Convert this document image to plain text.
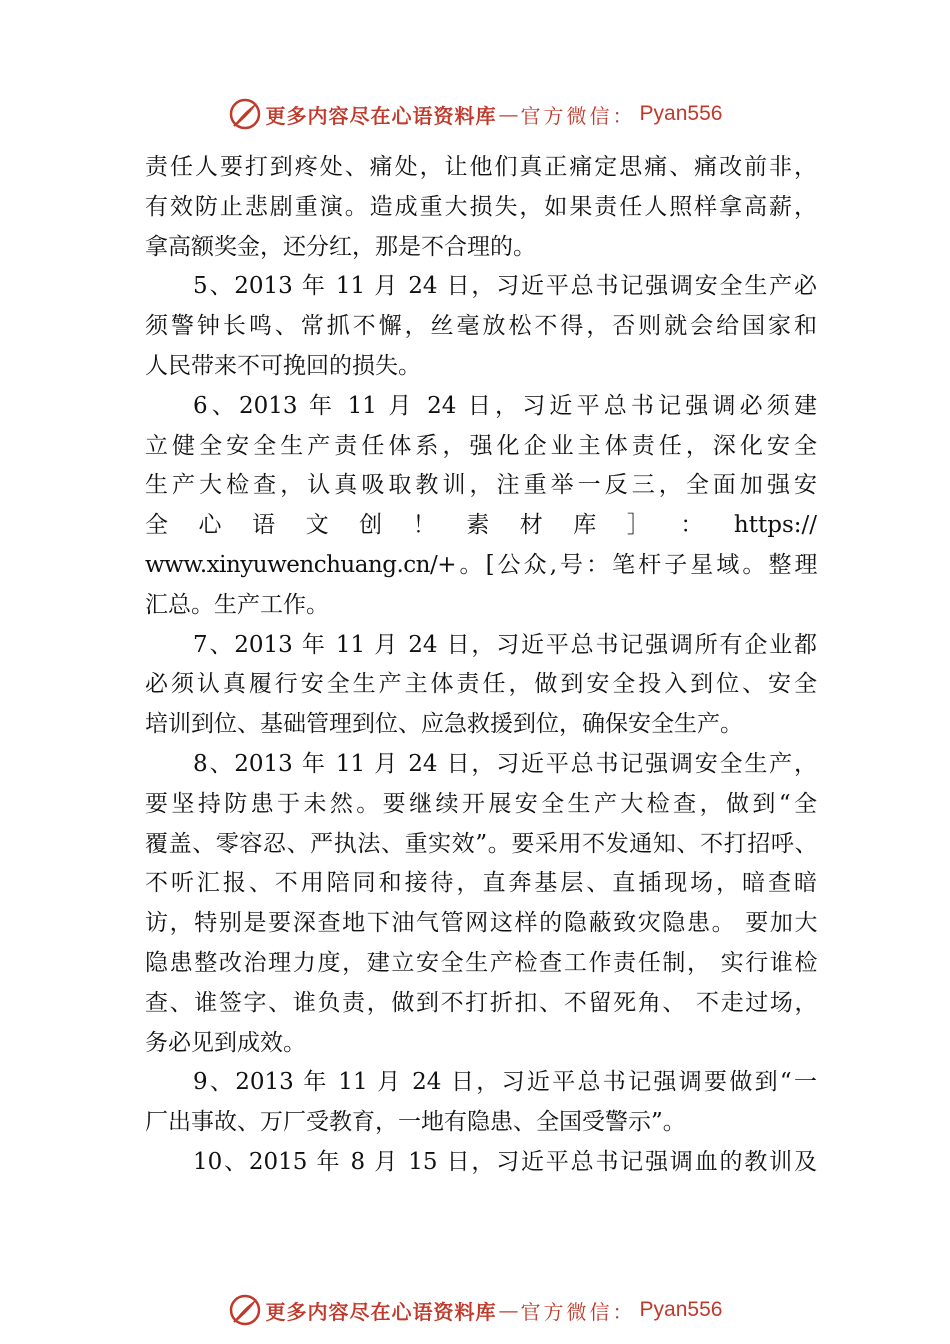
更多内容尽在心语资料库 — 官方微信： Pyan556
责任人要打到疼处、痛处，让他们真正痛定思痛、痛改前非，
有效防止悲剧重演。造成重大损失，如果责任人照样拿高薪，
拿高额奖金，还分红，那是不合理的。
5、2013 年 11 月 24 日，习近平总书记强调安全生产必
须警钟长鸣、常抓不懈，丝毫放松不得，否则就会给国家和
人民带来不可挽回的损失。
6、2013 年 11 月 24 日，习近平总书记强调必须建
立健全安全生产责任体系，强化企业主体责任，深化安全
生产大检查，认真吸取教训，注重举一反三，全面加强安
全 心 语 文 创 ！ 素 材 库 ］ ： https://
www.xinyuwenchuang.cn/+。[公众,号：笔杆子星域。整理
汇总。生产工作。
7、2013 年 11 月 24 日，习近平总书记强调所有企业都
必须认真履行安全生产主体责任，做到安全投入到位、安全
培训到位、基础管理到位、应急救援到位，确保安全生产。
8、2013 年 11 月 24 日，习近平总书记强调安全生产，
要坚持防患于未然。要继续开展安全生产大检查，做到“全
覆盖、零容忍、严执法、重实效”。要采用不发通知、不打招呼、
不听汇报、不用陪同和接待，直奔基层、直插现场，暗查暗
访，特别是要深查地下油气管网这样的隐蔽致灾隐患。 要加大
隐患整改治理力度，建立安全生产检查工作责任制， 实行谁检
查、谁签字、谁负责，做到不打折扣、不留死角、 不走过场，
务必见到成效。
9、2013 年 11 月 24 日，习近平总书记强调要做到“一
厂出事故、万厂受教育，一地有隐患、全国受警示”。
10、2015 年 8 月 15 日，习近平总书记强调血的教训及
更多内容尽在心语资料库 — 官方微信： Pyan556
